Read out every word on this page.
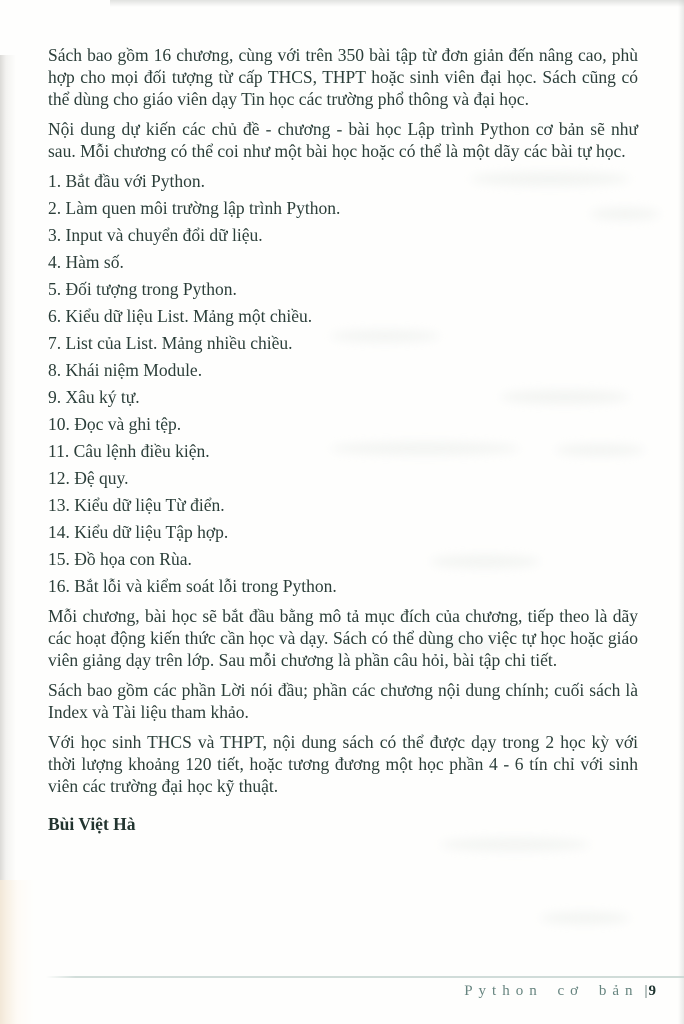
Sách bao gồm 16 chương, cùng với trên 350 bài tập từ đơn giản đến nâng cao, phù hợp cho mọi đối tượng từ cấp THCS, THPT hoặc sinh viên đại học. Sách cũng có thể dùng cho giáo viên dạy Tin học các trường phổ thông và đại học.

Nội dung dự kiến các chủ đề - chương - bài học Lập trình Python cơ bản sẽ như sau. Mỗi chương có thể coi như một bài học hoặc có thể là một dãy các bài tự học.

1. Bắt đầu với Python.

2. Làm quen môi trường lập trình Python.

3. Input và chuyển đổi dữ liệu.

4. Hàm số.

5. Đối tượng trong Python.

6. Kiểu dữ liệu List. Mảng một chiều.

7. List của List. Mảng nhiều chiều.

8. Khái niệm Module.

9. Xâu ký tự.

10. Đọc và ghi tệp.

11. Câu lệnh điều kiện.

12. Đệ quy.

13. Kiểu dữ liệu Từ điển.

14. Kiểu dữ liệu Tập hợp.

15. Đồ họa con Rùa.

16. Bắt lỗi và kiểm soát lỗi trong Python.

Mỗi chương, bài học sẽ bắt đầu bằng mô tả mục đích của chương, tiếp theo là dãy các hoạt động kiến thức cần học và dạy. Sách có thể dùng cho việc tự học hoặc giáo viên giảng dạy trên lớp. Sau mỗi chương là phần câu hỏi, bài tập chi tiết.

Sách bao gồm các phần Lời nói đầu; phần các chương nội dung chính; cuối sách là Index và Tài liệu tham khảo.

Với học sinh THCS và THPT, nội dung sách có thể được dạy trong 2 học kỳ với thời lượng khoảng 120 tiết, hoặc tương đương một học phần 4 - 6 tín chỉ với sinh viên các trường đại học kỹ thuật.

Bùi Việt Hà

Python cơ bản |9
